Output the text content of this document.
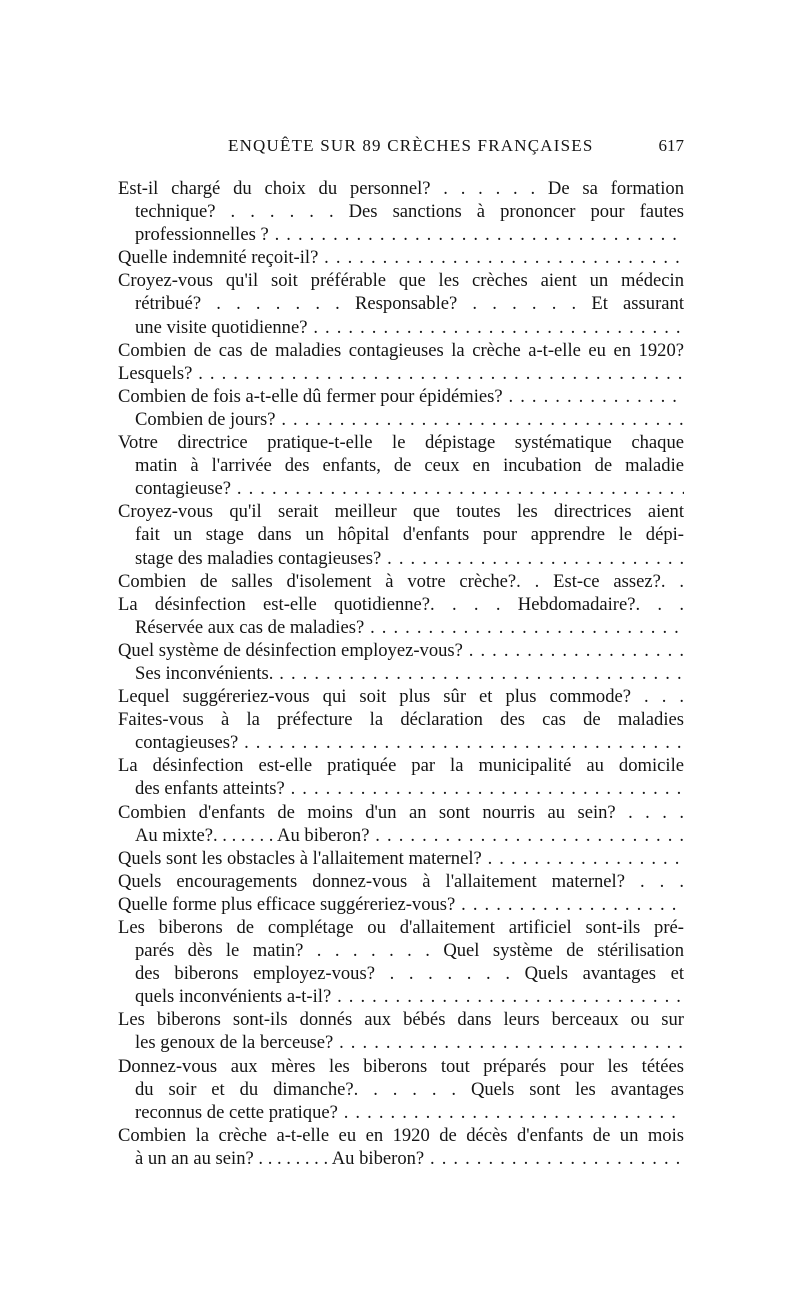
ENQUÊTE SUR 89 CRÈCHES FRANÇAISES	617
Est-il chargé du choix du personnel? . . . . . . De sa formation
technique? . . . . . . Des sanctions à prononcer pour fautes
professionnelles ? . . .
Quelle indemnité reçoit-il? . . .
Croyez-vous qu'il soit préférable que les crèches aient un médecin
rétribué? . . . . . . . Responsable? . . . . . . Et assurant
une visite quotidienne? . . .
Combien de cas de maladies contagieuses la crèche a-t-elle eu en 1920?
Lesquels? . . .
Combien de fois a-t-elle dû fermer pour épidémies? . . .
Combien de jours? . . .
Votre directrice pratique-t-elle le dépistage systématique chaque
matin à l'arrivée des enfants, de ceux en incubation de maladie
contagieuse? . . .
Croyez-vous qu'il serait meilleur que toutes les directrices aient
fait un stage dans un hôpital d'enfants pour apprendre le dépi-
stage des maladies contagieuses? . . .
Combien de salles d'isolement à votre crèche?. . Est-ce assez?. .
La désinfection est-elle quotidienne?. . . . Hebdomadaire?. . .
Réservée aux cas de maladies? . . .
Quel système de désinfection employez-vous? . . .
Ses inconvénients. . . .
Lequel suggéreriez-vous qui soit plus sûr et plus commode? . . .
Faites-vous à la préfecture la déclaration des cas de maladies
contagieuses? . . .
La désinfection est-elle pratiquée par la municipalité au domicile
des enfants atteints? . . .
Combien d'enfants de moins d'un an sont nourris au sein? . . . .
Au mixte?. . . . . . . Au biberon? . . .
Quels sont les obstacles à l'allaitement maternel? . . .
Quels encouragements donnez-vous à l'allaitement maternel? . . .
Quelle forme plus efficace suggéreriez-vous? . . .
Les biberons de complétage ou d'allaitement artificiel sont-ils pré-
parés dès le matin? . . . . . . . Quel système de stérilisation
des biberons employez-vous? . . . . . . . Quels avantages et
quels inconvénients a-t-il? . . .
Les biberons sont-ils donnés aux bébés dans leurs berceaux ou sur
les genoux de la berceuse? . . .
Donnez-vous aux mères les biberons tout préparés pour les tétées
du soir et du dimanche?. . . . . . Quels sont les avantages
reconnus de cette pratique? . . .
Combien la crèche a-t-elle eu en 1920 de décès d'enfants de un mois
à un an au sein? . . . . . . . . Au biberon? . . .
